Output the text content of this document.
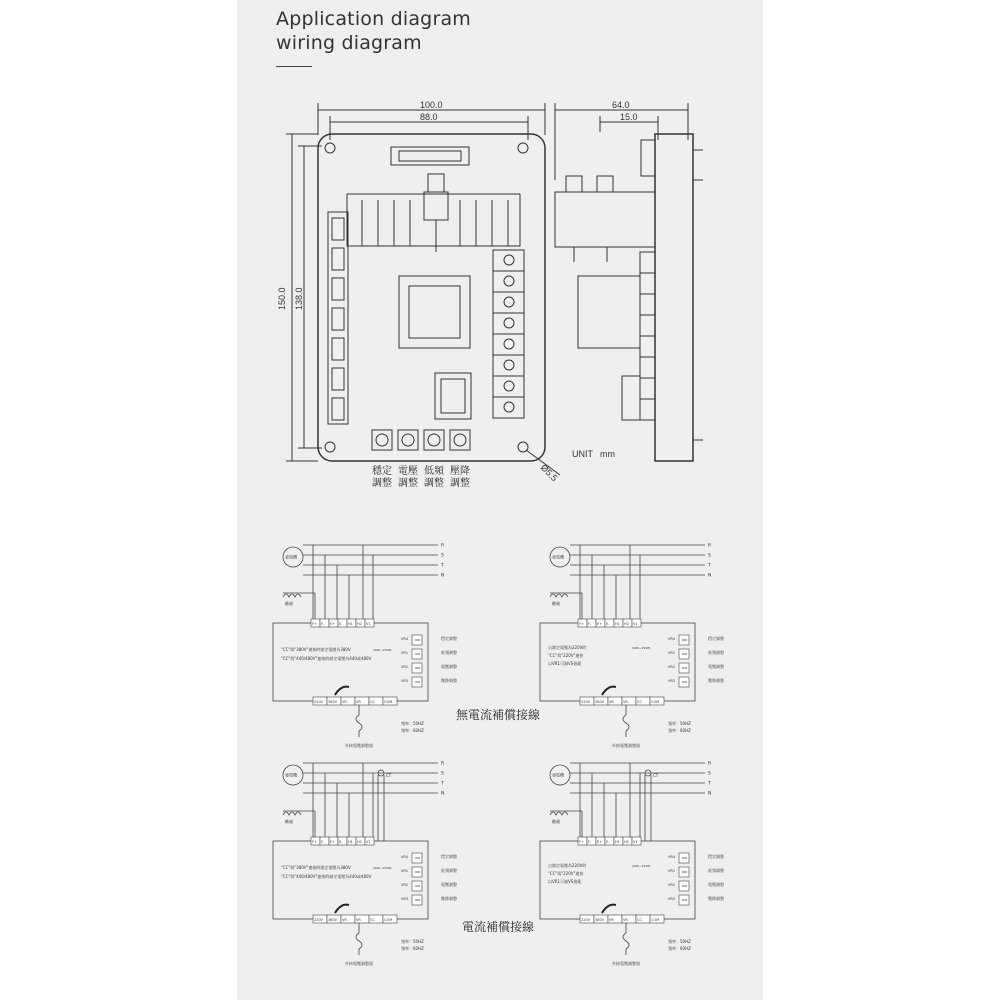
Application diagram
wiring diagram
100.0
88.0
150.0 138.0
64.0
15.0
Ø5.5
UNIT mm
穩定
調整
電壓
調整
低頻
調整
壓降
調整
R
S
T
N
發電機
勵磁
F+ F- E+ E- H1 H2 V1
VR4	穩定調整
VR1	低頻調整
VR2	電壓調整
VR3	壓降調整
"CC"與"380V"連接時額定電壓為380V
"CC"與"440/480V"連接時額定電壓為440或480V
(40K~15VB)
220V 380V VR	VR	CC	COM
外接電壓調整器
頻率：50HZ
頻率：60HZ
R
S
T
N
發電機
勵磁
F+ F- E+ E- H1 H2 V1
VR4	穩定調整
VR1	低頻調整
VR2	電壓調整
VR3	壓降調整
自額定電壓為220V時
"CC"與"220V"連接
以VR1可調VS值範
(40K~15VB)
220V 380V VR	VR	CC	COM
外接電壓調整器
頻率：50HZ
頻率：60HZ
R
S
T
N
發電機
勵磁
CT
F+ F- E+ E- H1 H2 V1
VR4	穩定調整
VR1	低頻調整
VR2	電壓調整
VR3	壓降調整
"CC"與"380V"連接時額定電壓為380V
"CC"與"440/480V"連接時額定電壓為440或480V
(40K~15VB)
220V 380V VR	VR	CC	COM
外接電壓調整器
頻率：50HZ
頻率：60HZ
R
S
T
N
發電機
勵磁
CT
F+ F- E+ E- H1 H2 V1
VR4	穩定調整
VR1	低頻調整
VR2	電壓調整
VR3	壓降調整
自額定電壓為220V時
"CC"與"220V"連接
以VR1可調VS值範
(40K~15VB)
220V 380V VR	VR	CC	COM
外接電壓調整器
頻率：50HZ
頻率：60HZ
無電流補償接線
電流補償接線
